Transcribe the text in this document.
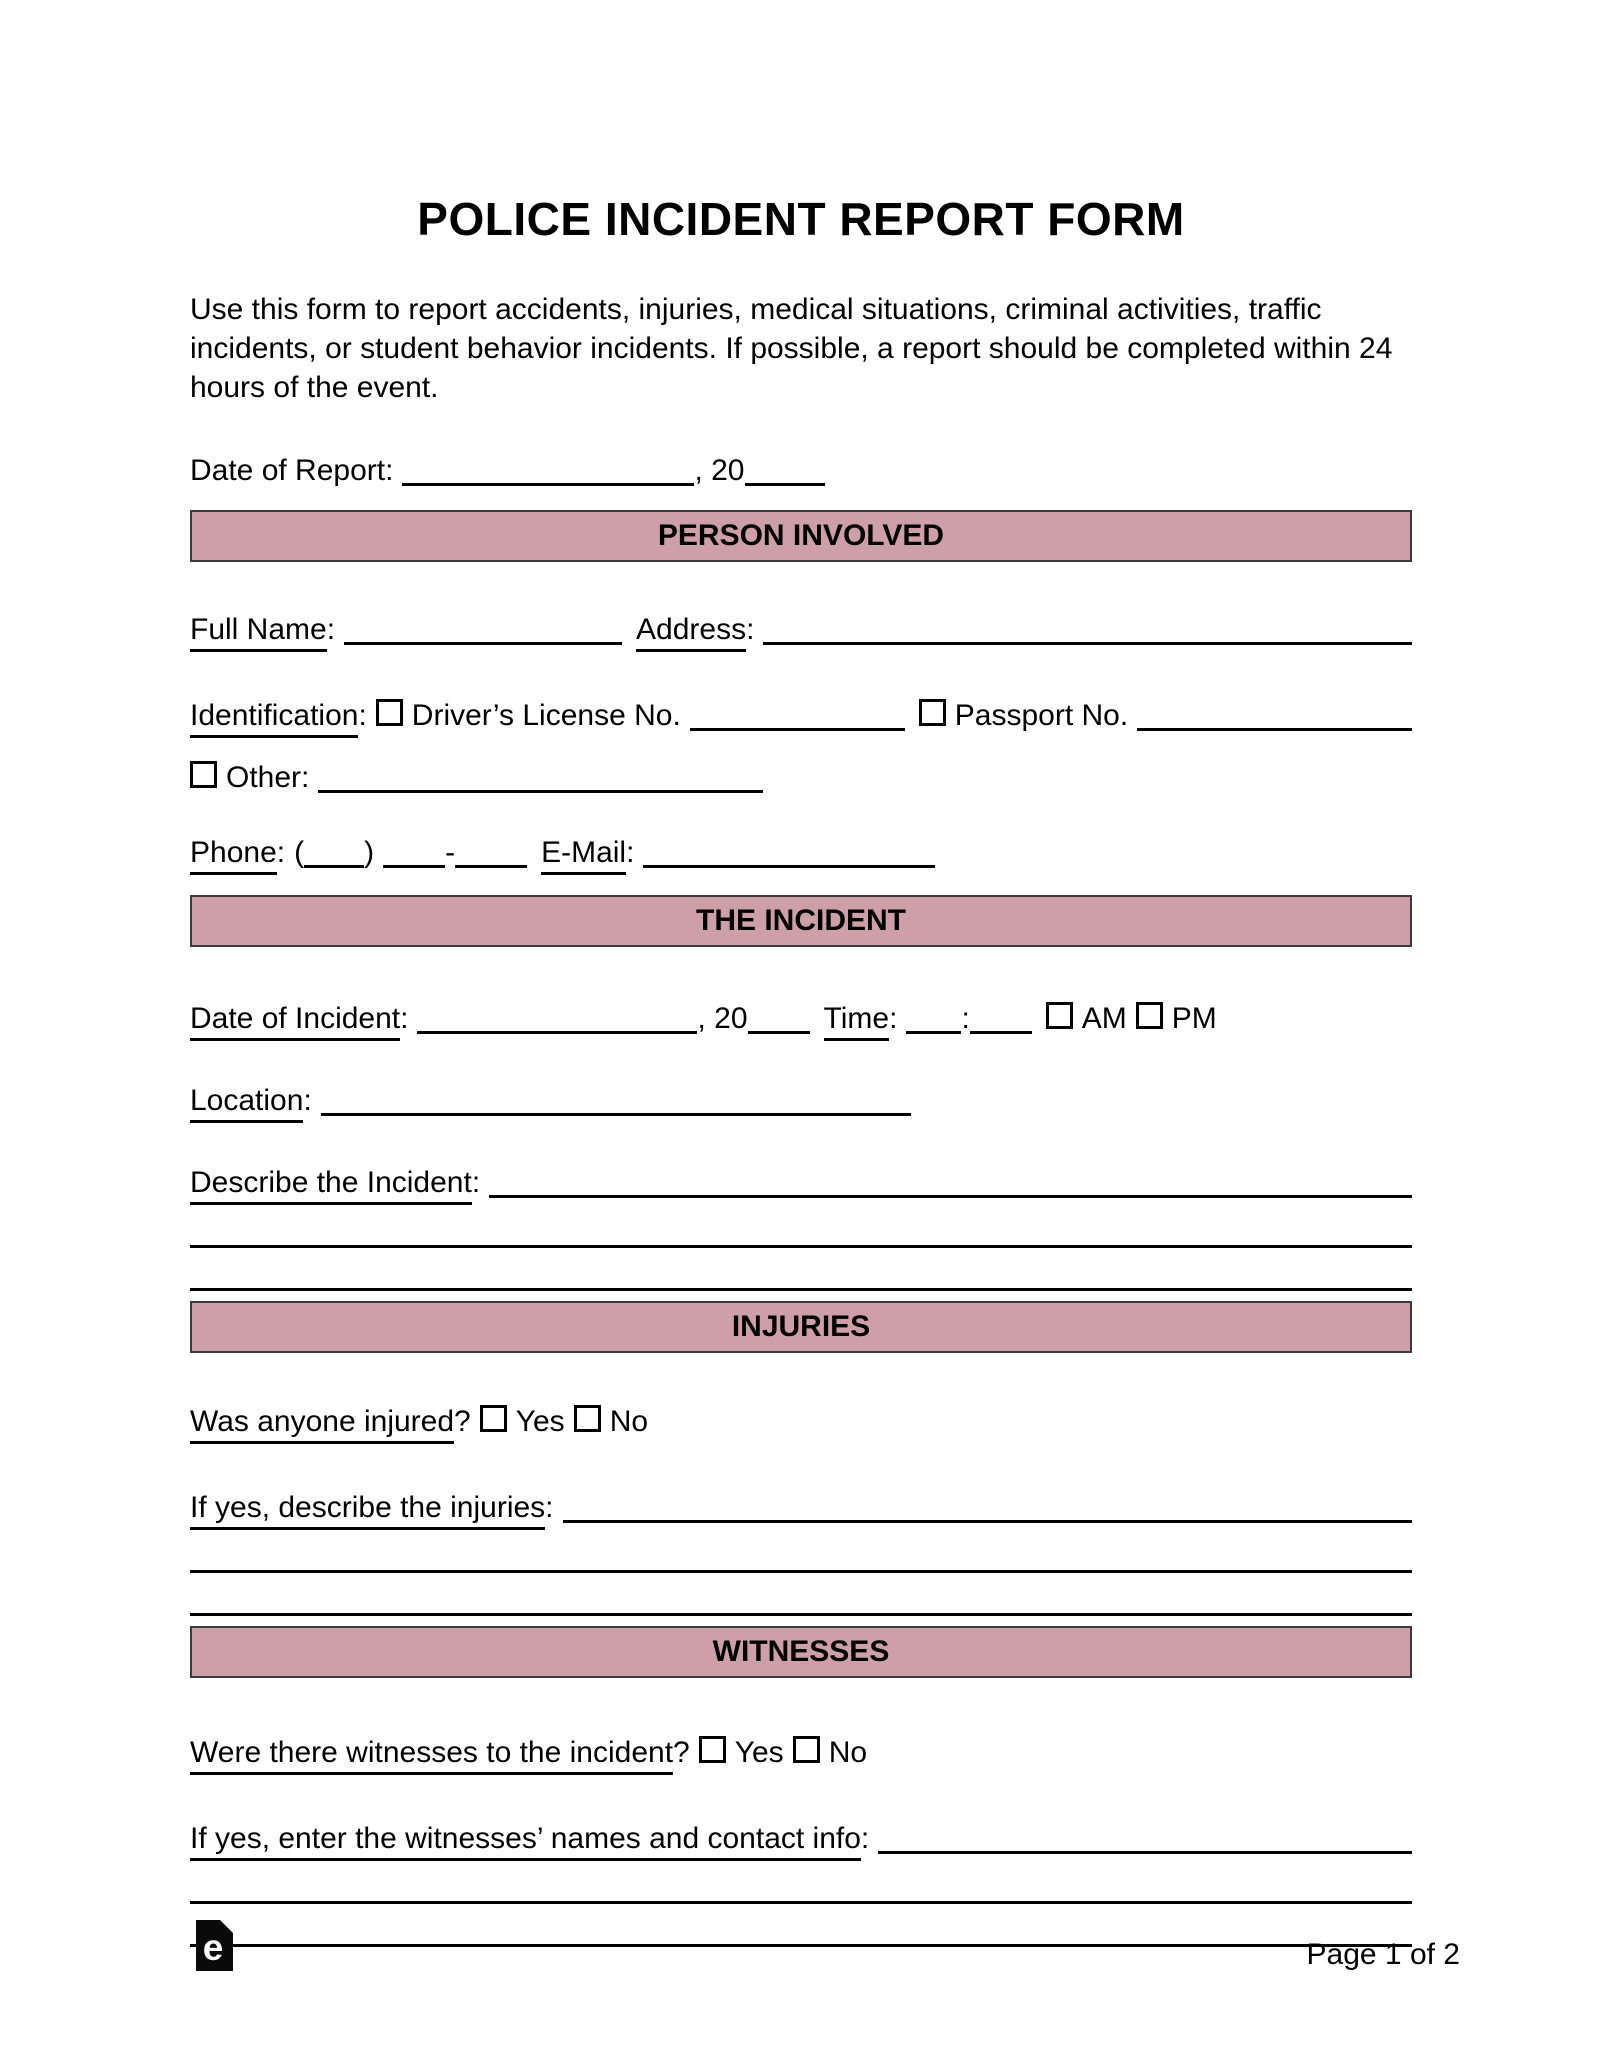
POLICE INCIDENT REPORT FORM
Use this form to report accidents, injuries, medical situations, criminal activities, traffic incidents, or student behavior incidents. If possible, a report should be completed within 24 hours of the event.
Date of Report :	, 20
PERSON INVOLVED
Full Name :	Address :
Identification : Driver’s License No.	Passport No.
Other :
Phone : ( ) -	E-Mail :
THE INCIDENT
Date of Incident :	, 20	Time : :	AM PM
Location :
Describe the Incident :
INJURIES
Was anyone injured ? Yes No
If yes, describe the injuries :
WITNESSES
Were there witnesses to the incident ? Yes No
If yes, enter the witnesses’ names and contact info :
e	Page 1 of 2
